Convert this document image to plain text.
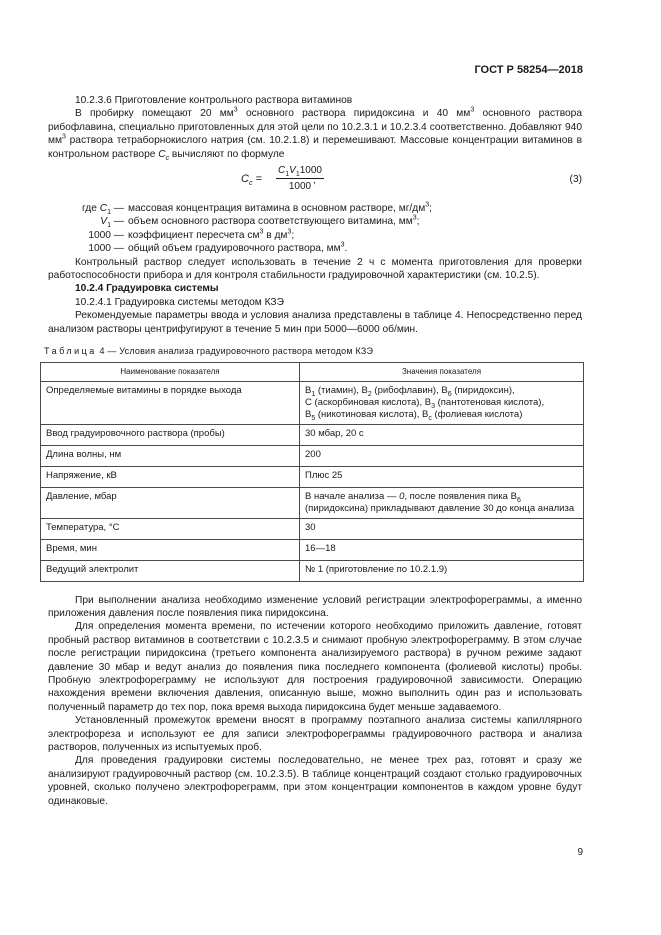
ГОСТ Р 58254—2018

10.2.3.6 Приготовление контрольного раствора витаминов

В пробирку помещают 20 $мм^3$ основного раствора пиридоксина и 40 $мм^3$ основного раствора рибофлавина, специально приготовленных для этой цели по 10.2.3.1 и 10.2.3.4 соответственно. Добавляют 940 $мм^3$ раствора тетраборнокислого натрия (см. 10.2.1.8) и перемешивают. Массовые концентрации витаминов в контрольном растворе $C_c$ вычисляют по формуле

$C_c = \frac{C_1V_11000}{1000}$
,	(3)
где $C_1$ — массовая концентрация витамина в основном растворе, $мг/дм^3$;
$V_1$ — объем основного раствора соответствующего витамина, $мм^3$;
1000 — коэффициент пересчета $см^3$ в $дм^3$;
1000 — общий объем градуировочного раствора, $мм^3$.

Контрольный раствор следует использовать в течение 2 ч с момента приготовления для проверки работоспособности прибора и для контроля стабильности градуировочной характеристики (см. 10.2.5).

10.2.4 Градуировка системы

10.2.4.1 Градуировка системы методом КЗЭ

Рекомендуемые параметры ввода и условия анализа представлены в таблице 4. Непосредственно перед анализом растворы центрифугируют в течение 5 мин при 5000—6000 об/мин.

Таблица 4 — Условия анализа градуировочного раствора методом КЗЭ
Наименование показателя	Значения показателя
Определяемые витамины в порядке выхода	$B_1$ (тиамин), $B_2$ (рибофлавин), $B_6$ (пиридоксин),
С (аскорбиновая кислота), $B_3$ (пантотеновая кислота),
$B_5$ (никотиновая кислота), $B_c$ (фолиевая кислота)
Ввод градуировочного раствора (пробы)	30 мбар, 20 с
Длина волны, нм	200
Напряжение, кВ	Плюс 25
Давление, мбар	В начале анализа — 0, после появления пика $B_6$ (пиридоксина) прикладывают давление 30 до конца анализа
Температура, °С	30
Время, мин	16—18
Ведущий электролит	№ 1 (приготовление по 10.2.1.9)

При выполнении анализа необходимо изменение условий регистрации электрофореграммы, а именно приложения давления после появления пика пиридоксина.

Для определения момента времени, по истечении которого необходимо приложить давление, готовят пробный раствор витаминов в соответствии с 10.2.3.5 и снимают пробную электрофореграмму. В этом случае после регистрации пиридоксина (третьего компонента анализируемого раствора) в ручном режиме задают давление 30 мбар и ведут анализ до появления пика последнего компонента (фолиевой кислоты) пробы. Пробную электрофореграмму не используют для построения градуировочной зависимости. Операцию нахождения времени включения давления, описанную выше, можно выполнить один раз и использовать полученный параметр до тех пор, пока время выхода пиридоксина будет меньше задаваемого.

Установленный промежуток времени вносят в программу поэтапного анализа системы капиллярного электрофореза и используют ее для записи электрофореграммы градуировочного раствора и анализа растворов, полученных из испытуемых проб.

Для проведения градуировки системы последовательно, не менее трех раз, готовят и сразу же анализируют градуировочный раствор (см. 10.2.3.5). В таблице концентраций создают столько градуировочных уровней, сколько получено электрофореграмм, при этом концентрации компонентов в каждом уровне будут одинаковые.

9
